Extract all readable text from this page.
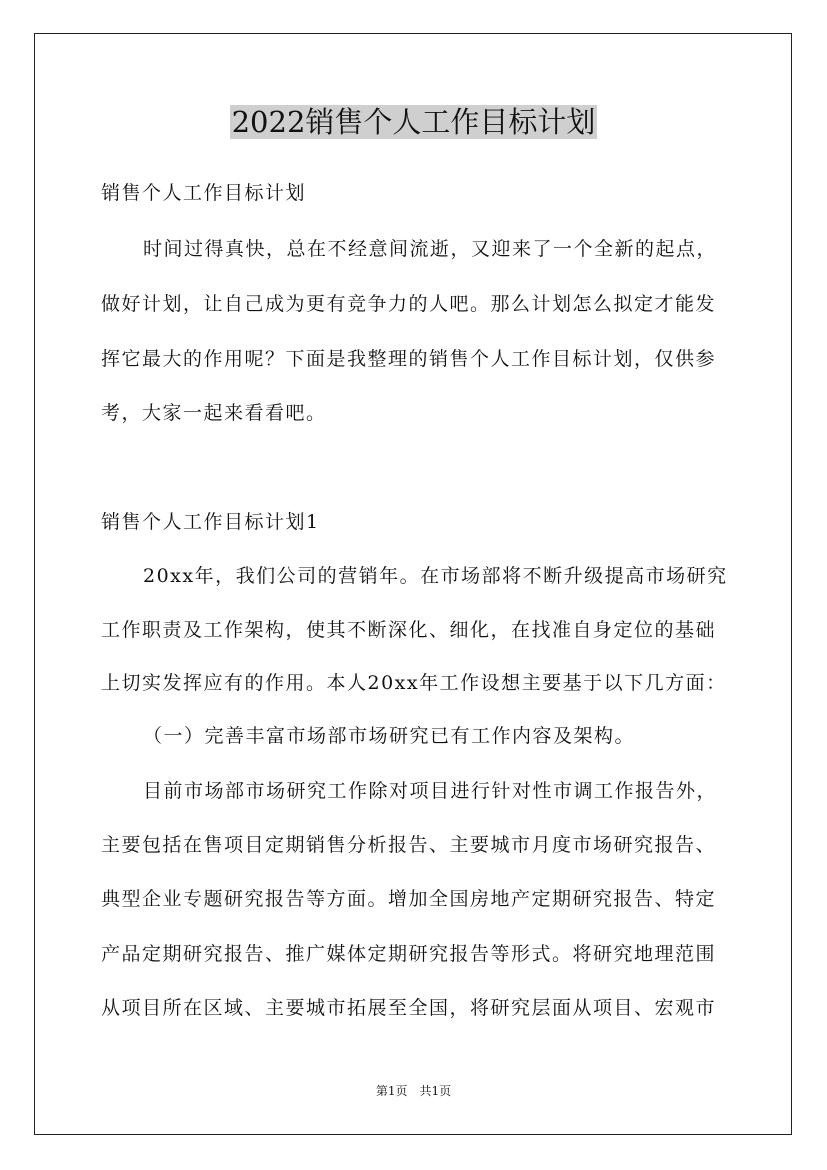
2022销售个人工作目标计划
销售个人工作目标计划
时间过得真快，总在不经意间流逝，又迎来了一个全新的起点，
做好计划，让自己成为更有竞争力的人吧。那么计划怎么拟定才能发
挥它最大的作用呢？下面是我整理的销售个人工作目标计划，仅供参
考，大家一起来看看吧。
销售个人工作目标计划1
20xx年，我们公司的营销年。在市场部将不断升级提高市场研究
工作职责及工作架构，使其不断深化、细化，在找准自身定位的基础
上切实发挥应有的作用。本人20xx年工作设想主要基于以下几方面：
（一）完善丰富市场部市场研究已有工作内容及架构。
目前市场部市场研究工作除对项目进行针对性市调工作报告外，
主要包括在售项目定期销售分析报告、主要城市月度市场研究报告、
典型企业专题研究报告等方面。增加全国房地产定期研究报告、特定
产品定期研究报告、推广媒体定期研究报告等形式。将研究地理范围
从项目所在区域、主要城市拓展至全国，将研究层面从项目、宏观市
第1页　共1页
